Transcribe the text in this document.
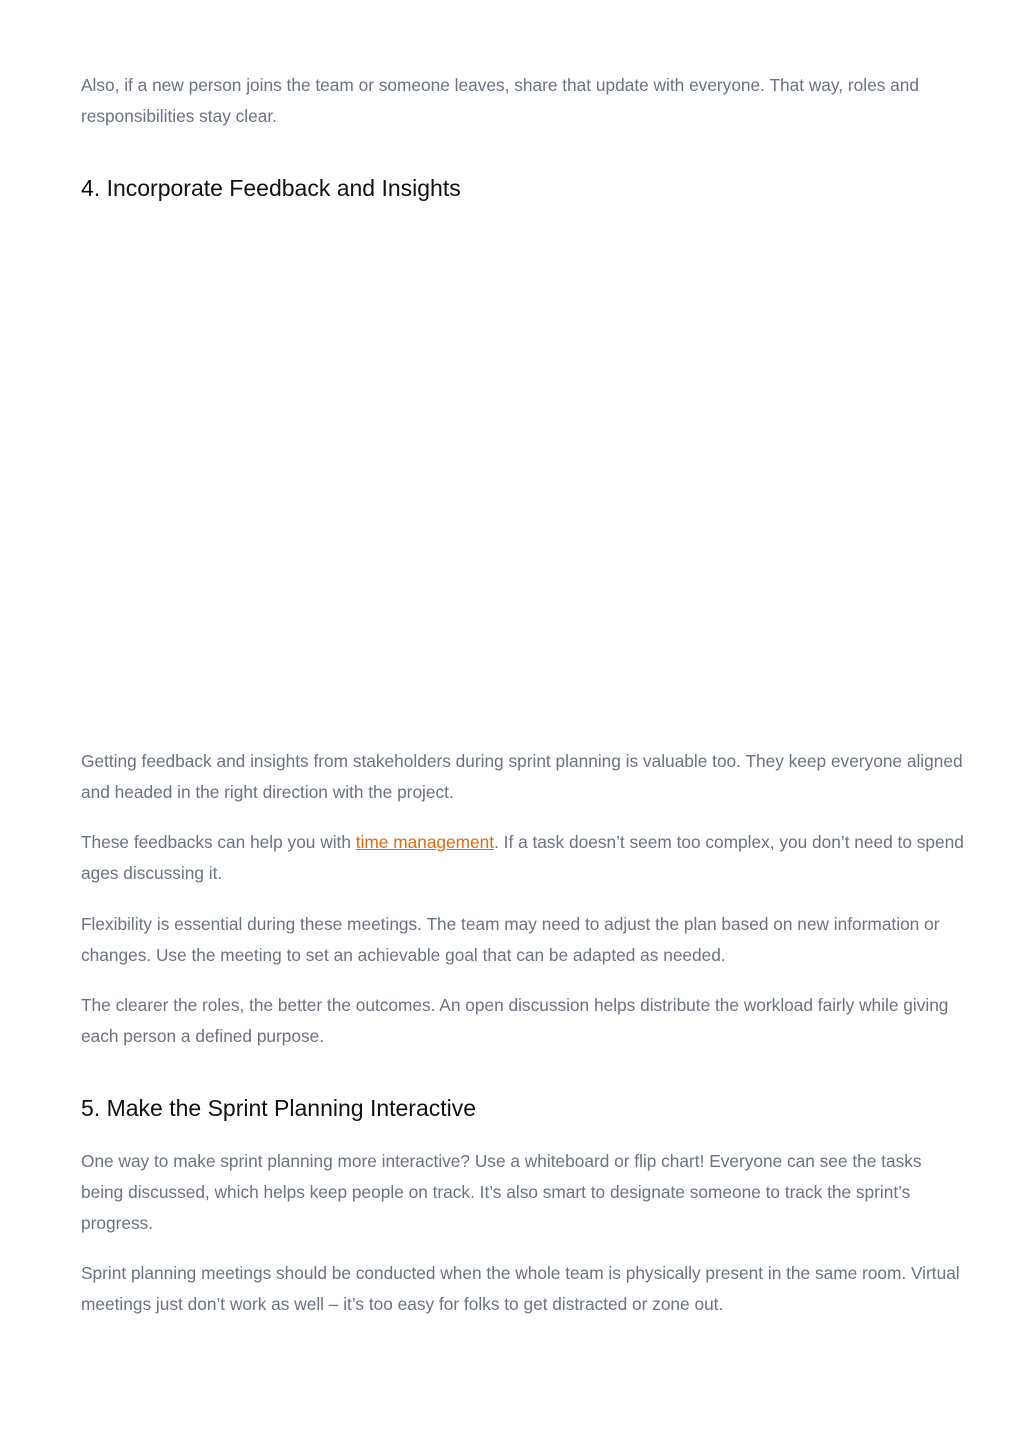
Also, if a new person joins the team or someone leaves, share that update with everyone. That way, roles and responsibilities stay clear.

4. Incorporate Feedback and Insights

Getting feedback and insights from stakeholders during sprint planning is valuable too. They keep everyone aligned and headed in the right direction with the project.

These feedbacks can help you with time management. If a task doesn’t seem too complex, you don’t need to spend ages discussing it.

Flexibility is essential during these meetings. The team may need to adjust the plan based on new information or changes. Use the meeting to set an achievable goal that can be adapted as needed.

The clearer the roles, the better the outcomes. An open discussion helps distribute the workload fairly while giving each person a defined purpose.

5. Make the Sprint Planning Interactive

One way to make sprint planning more interactive? Use a whiteboard or flip chart! Everyone can see the tasks being discussed, which helps keep people on track. It’s also smart to designate someone to track the sprint’s progress.

Sprint planning meetings should be conducted when the whole team is physically present in the same room. Virtual meetings just don’t work as well – it’s too easy for folks to get distracted or zone out.
